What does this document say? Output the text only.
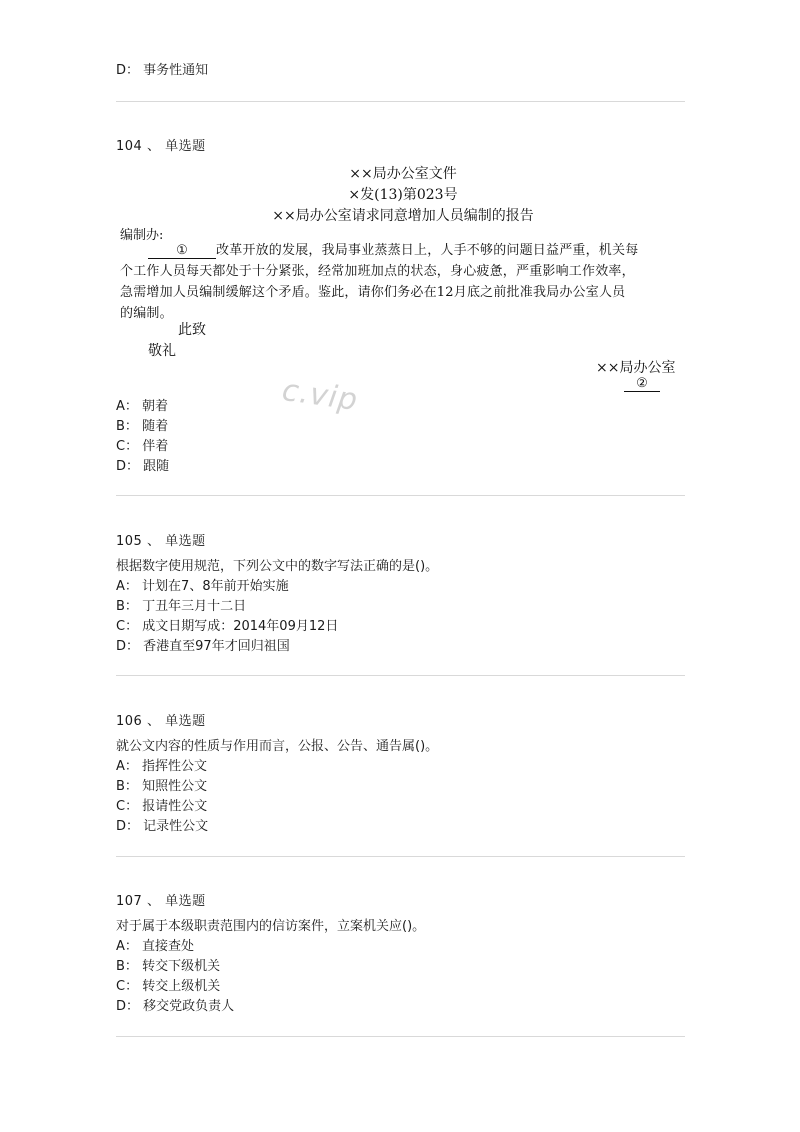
D： 事务性通知
104 、 单选题
××局办公室文件
×发(13)第023号
××局办公室请求同意增加人员编制的报告
编制办:
① 改革开放的发展，我局事业蒸蒸日上，人手不够的问题日益严重，机关每
个工作人员每天都处于十分紧张，经常加班加点的状态，身心疲惫，严重影响工作效率，
急需增加人员编制缓解这个矛盾。鉴此，请你们务必在12月底之前批准我局办公室人员
的编制。
此致
敬礼
××局办公室
②
c.vip
A： 朝着
B： 随着
C： 伴着
D： 跟随
105 、 单选题
根据数字使用规范，下列公文中的数字写法正确的是()。
A： 计划在7、8年前开始实施
B： 丁丑年三月十二日
C： 成文日期写成：2014年09月12日
D： 香港直至97年才回归祖国
106 、 单选题
就公文内容的性质与作用而言，公报、公告、通告属()。
A： 指挥性公文
B： 知照性公文
C： 报请性公文
D： 记录性公文
107 、 单选题
对于属于本级职责范围内的信访案件，立案机关应()。
A： 直接查处
B： 转交下级机关
C： 转交上级机关
D： 移交党政负责人
